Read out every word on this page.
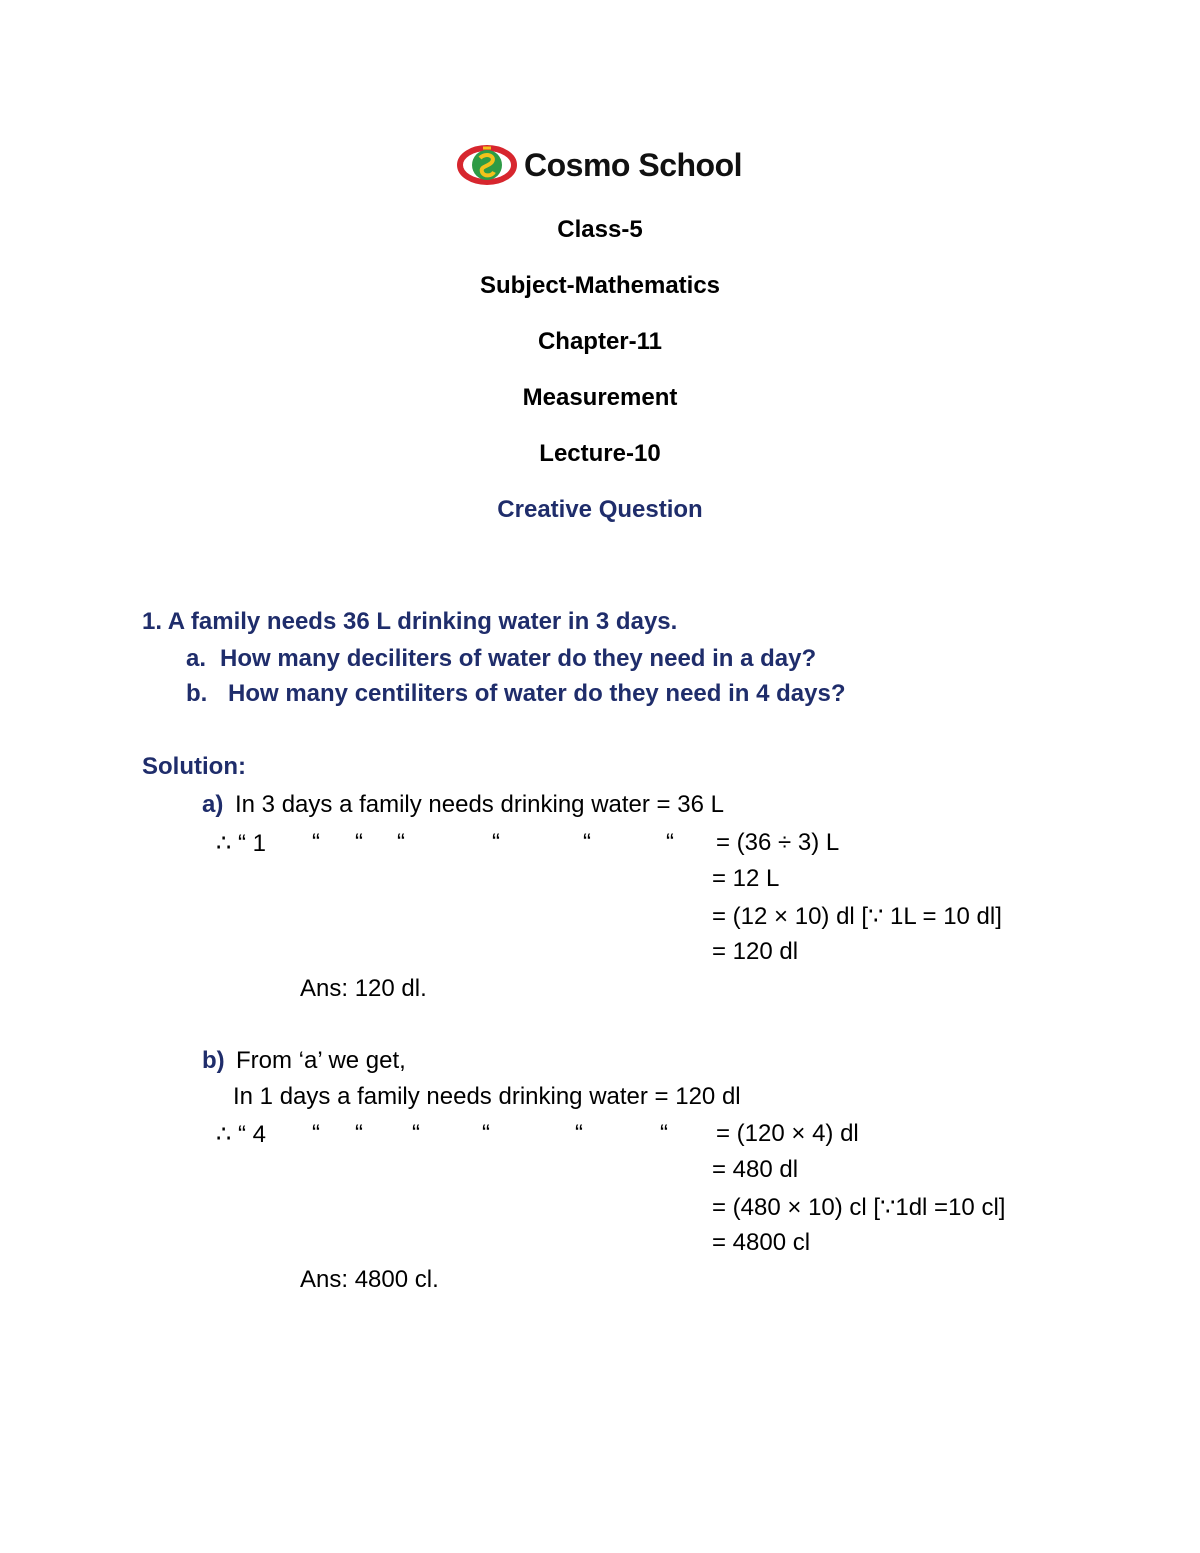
Cosmo School
Class-5
Subject-Mathematics
Chapter-11
Measurement
Lecture-10
Creative Question
1. A family needs 36 L drinking water in 3 days.
a. How many deciliters of water do they need in a day?
b. How many centiliters of water do they need in 4 days?
Solution:
a) In 3 days a family needs drinking water = 36 L
∴ “ 1 “ “ “	“	“	“ = (36 ÷ 3) L
= 12 L
= (12 × 10) dl [∵ 1L = 10 dl]
= 120 dl
Ans: 120 dl.
b) From ‘a’ we get,
In 1 days a family needs drinking water = 120 dl
∴ “ 4 “ “ “	“	“	“ = (120 × 4) dl
= 480 dl
= (480 × 10) cl [∵1dl =10 cl]
= 4800 cl
Ans: 4800 cl.
